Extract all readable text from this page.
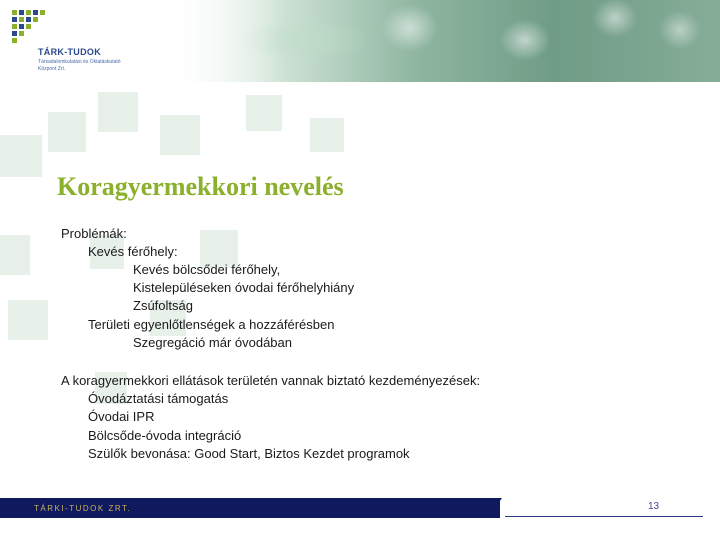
TÁRK-TUDOK
Társadalomkutatási és Oktatáskutató
Központ Zrt.
Koragyermekkori nevelés
Problémák:
Kevés férőhely:
Kevés bölcsődei férőhely,
Kistelepüléseken óvodai férőhelyhiány
Zsúfoltság
Területi egyenlőtlenségek a hozzáférésben
Szegregáció már óvodában
A koragyermekkori ellátások területén vannak biztató kezdeményezések:
Óvodáztatási támogatás
Óvodai IPR
Bölcsőde-óvoda integráció
Szülők bevonása: Good Start, Biztos Kezdet programok
TÁRKI-TUDOK ZRT.	13
